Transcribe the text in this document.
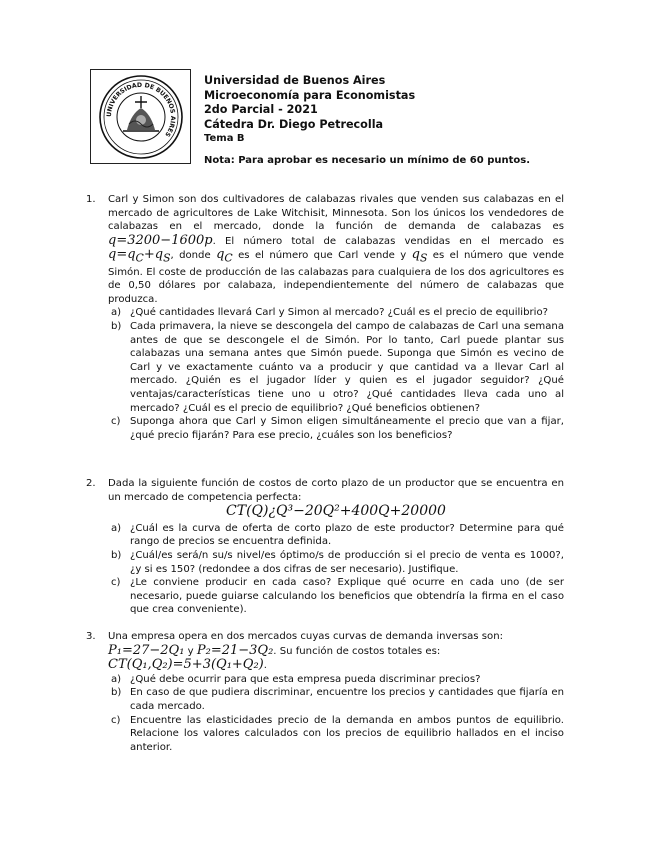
UNIVERSIDAD DE BUENOS AIRES
Universidad de Buenos Aires
Microeconomía para Economistas
2do Parcial - 2021
Cátedra Dr. Diego Petrecolla
Tema B
Nota: Para aprobar es necesario un mínimo de 60 puntos.
1. Carl y Simon son dos cultivadores de calabazas rivales que venden sus calabazas en el mercado de agricultores de Lake Witchisit, Minnesota. Son los únicos los vendedores de calabazas en el mercado, donde la función de demanda de calabazas es q=3200−1600p. El número total de calabazas vendidas en el mercado es $q=q_C+q_S$, donde $q_C$ es el número que Carl vende y $q_S$ es el número que vende Simón. El coste de producción de las calabazas para cualquiera de los dos agricultores es de 0,50 dólares por calabaza, independientemente del número de calabazas que produzca.
a) ¿Qué cantidades llevará Carl y Simon al mercado? ¿Cuál es el precio de equilibrio?
b) Cada primavera, la nieve se descongela del campo de calabazas de Carl una semana antes de que se descongele el de Simón. Por lo tanto, Carl puede plantar sus calabazas una semana antes que Simón puede. Suponga que Simón es vecino de Carl y ve exactamente cuánto va a producir y que cantidad va a llevar Carl al mercado. ¿Quién es el jugador líder y quien es el jugador seguidor? ¿Qué ventajas/características tiene uno u otro? ¿Qué cantidades lleva cada uno al mercado? ¿Cuál es el precio de equilibrio? ¿Qué beneficios obtienen?
c) Suponga ahora que Carl y Simon eligen simultáneamente el precio que van a fijar, ¿qué precio fijarán? Para ese precio, ¿cuáles son los beneficios?
2. Dada la siguiente función de costos de corto plazo de un productor que se encuentra en un mercado de competencia perfecta:
CT(Q)¿Q³−20Q²+400Q+20000
a) ¿Cuál es la curva de oferta de corto plazo de este productor? Determine para qué rango de precios se encuentra definida.
b) ¿Cuál/es será/n su/s nivel/es óptimo/s de producción si el precio de venta es 1000?, ¿y si es 150? (redondee a dos cifras de ser necesario). Justifique.
c) ¿Le conviene producir en cada caso? Explique qué ocurre en cada uno (de ser necesario, puede guiarse calculando los beneficios que obtendría la firma en el caso que crea conveniente).
3. Una empresa opera en dos mercados cuyas curvas de demanda inversas son:
P₁=27−2Q₁ y P₂=21−3Q₂. Su función de costos totales es:
CT(Q₁,Q₂)=5+3(Q₁+Q₂).
a) ¿Qué debe ocurrir para que esta empresa pueda discriminar precios?
b) En caso de que pudiera discriminar, encuentre los precios y cantidades que fijaría en cada mercado.
c) Encuentre las elasticidades precio de la demanda en ambos puntos de equilibrio. Relacione los valores calculados con los precios de equilibrio hallados en el inciso anterior.
